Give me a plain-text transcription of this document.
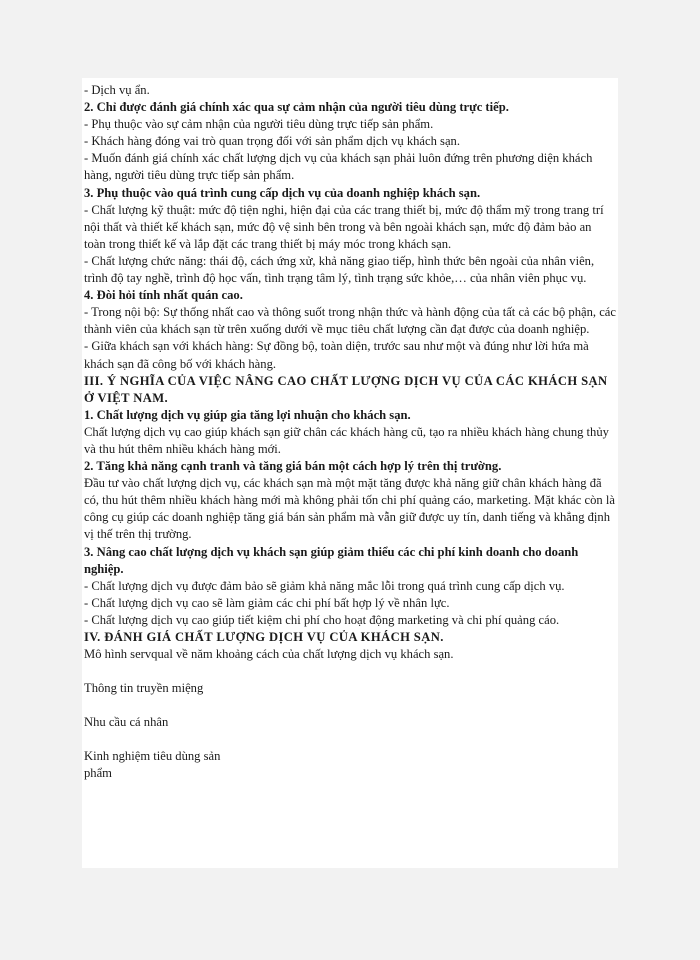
- Dịch vụ ẩn.

2. Chỉ được đánh giá chính xác qua sự cảm nhận của người tiêu dùng trực tiếp.

- Phụ thuộc vào sự cảm nhận của người tiêu dùng trực tiếp sản phẩm.

- Khách hàng đóng vai trò quan trọng đối với sản phẩm dịch vụ khách sạn.

- Muốn đánh giá chính xác chất lượng dịch vụ của khách sạn phải luôn đứng trên phương diện khách hàng, người tiêu dùng trực tiếp sản phẩm.

3. Phụ thuộc vào quá trình cung cấp dịch vụ của doanh nghiệp khách sạn.

- Chất lượng kỹ thuật: mức độ tiện nghi, hiện đại của các trang thiết bị, mức độ thẩm mỹ trong trang trí nội thất và thiết kế khách sạn, mức độ vệ sinh bên trong và bên ngoài khách sạn, mức độ đảm bảo an toàn trong thiết kế và lắp đặt các trang thiết bị máy móc trong khách sạn.

- Chất lượng chức năng: thái độ, cách ứng xử, khả năng giao tiếp, hình thức bên ngoài của nhân viên, trình độ tay nghề, trình độ học vấn, tình trạng tâm lý, tình trạng sức khỏe,… của nhân viên phục vụ.

4. Đòi hỏi tính nhất quán cao.

- Trong nội bộ: Sự thống nhất cao và thông suốt trong nhận thức và hành động của tất cả các bộ phận, các thành viên của khách sạn từ trên xuống dưới về mục tiêu chất lượng cần đạt được của doanh nghiệp.

- Giữa khách sạn với khách hàng: Sự đồng bộ, toàn diện, trước sau như một và đúng như lời hứa mà khách sạn đã công bố với khách hàng.

III. Ý NGHĨA CỦA VIỆC NÂNG CAO CHẤT LƯỢNG DỊCH VỤ CỦA CÁC KHÁCH SẠN Ở VIỆT NAM.

1. Chất lượng dịch vụ giúp gia tăng lợi nhuận cho khách sạn.

Chất lượng dịch vụ cao giúp khách sạn giữ chân các khách hàng cũ, tạo ra nhiều khách hàng chung thủy và thu hút thêm nhiều khách hàng mới.

2. Tăng khả năng cạnh tranh và tăng giá bán một cách hợp lý trên thị trường.

Đầu tư vào chất lượng dịch vụ, các khách sạn mà một mặt tăng được khả năng giữ chân khách hàng đã có, thu hút thêm nhiều khách hàng mới mà không phải tốn chi phí quảng cáo, marketing. Mặt khác còn là công cụ giúp các doanh nghiệp tăng giá bán sản phẩm mà vẫn giữ được uy tín, danh tiếng và khẳng định vị thế trên thị trường.

3. Nâng cao chất lượng dịch vụ khách sạn giúp giảm thiểu các chi phí kinh doanh cho doanh nghiệp.

- Chất lượng dịch vụ được đảm bảo sẽ giảm khả năng mắc lỗi trong quá trình cung cấp dịch vụ.

- Chất lượng dịch vụ cao sẽ làm giảm các chi phí bất hợp lý về nhân lực.

- Chất lượng dịch vụ cao giúp tiết kiệm chi phí cho hoạt động marketing và chi phí quảng cáo.

IV. ĐÁNH GIÁ CHẤT LƯỢNG DỊCH VỤ CỦA KHÁCH SẠN.

Mô hình servqual về năm khoảng cách của chất lượng dịch vụ khách sạn.

Thông tin truyền miệng

Nhu cầu cá nhân

Kinh nghiệm tiêu dùng sản phẩm
